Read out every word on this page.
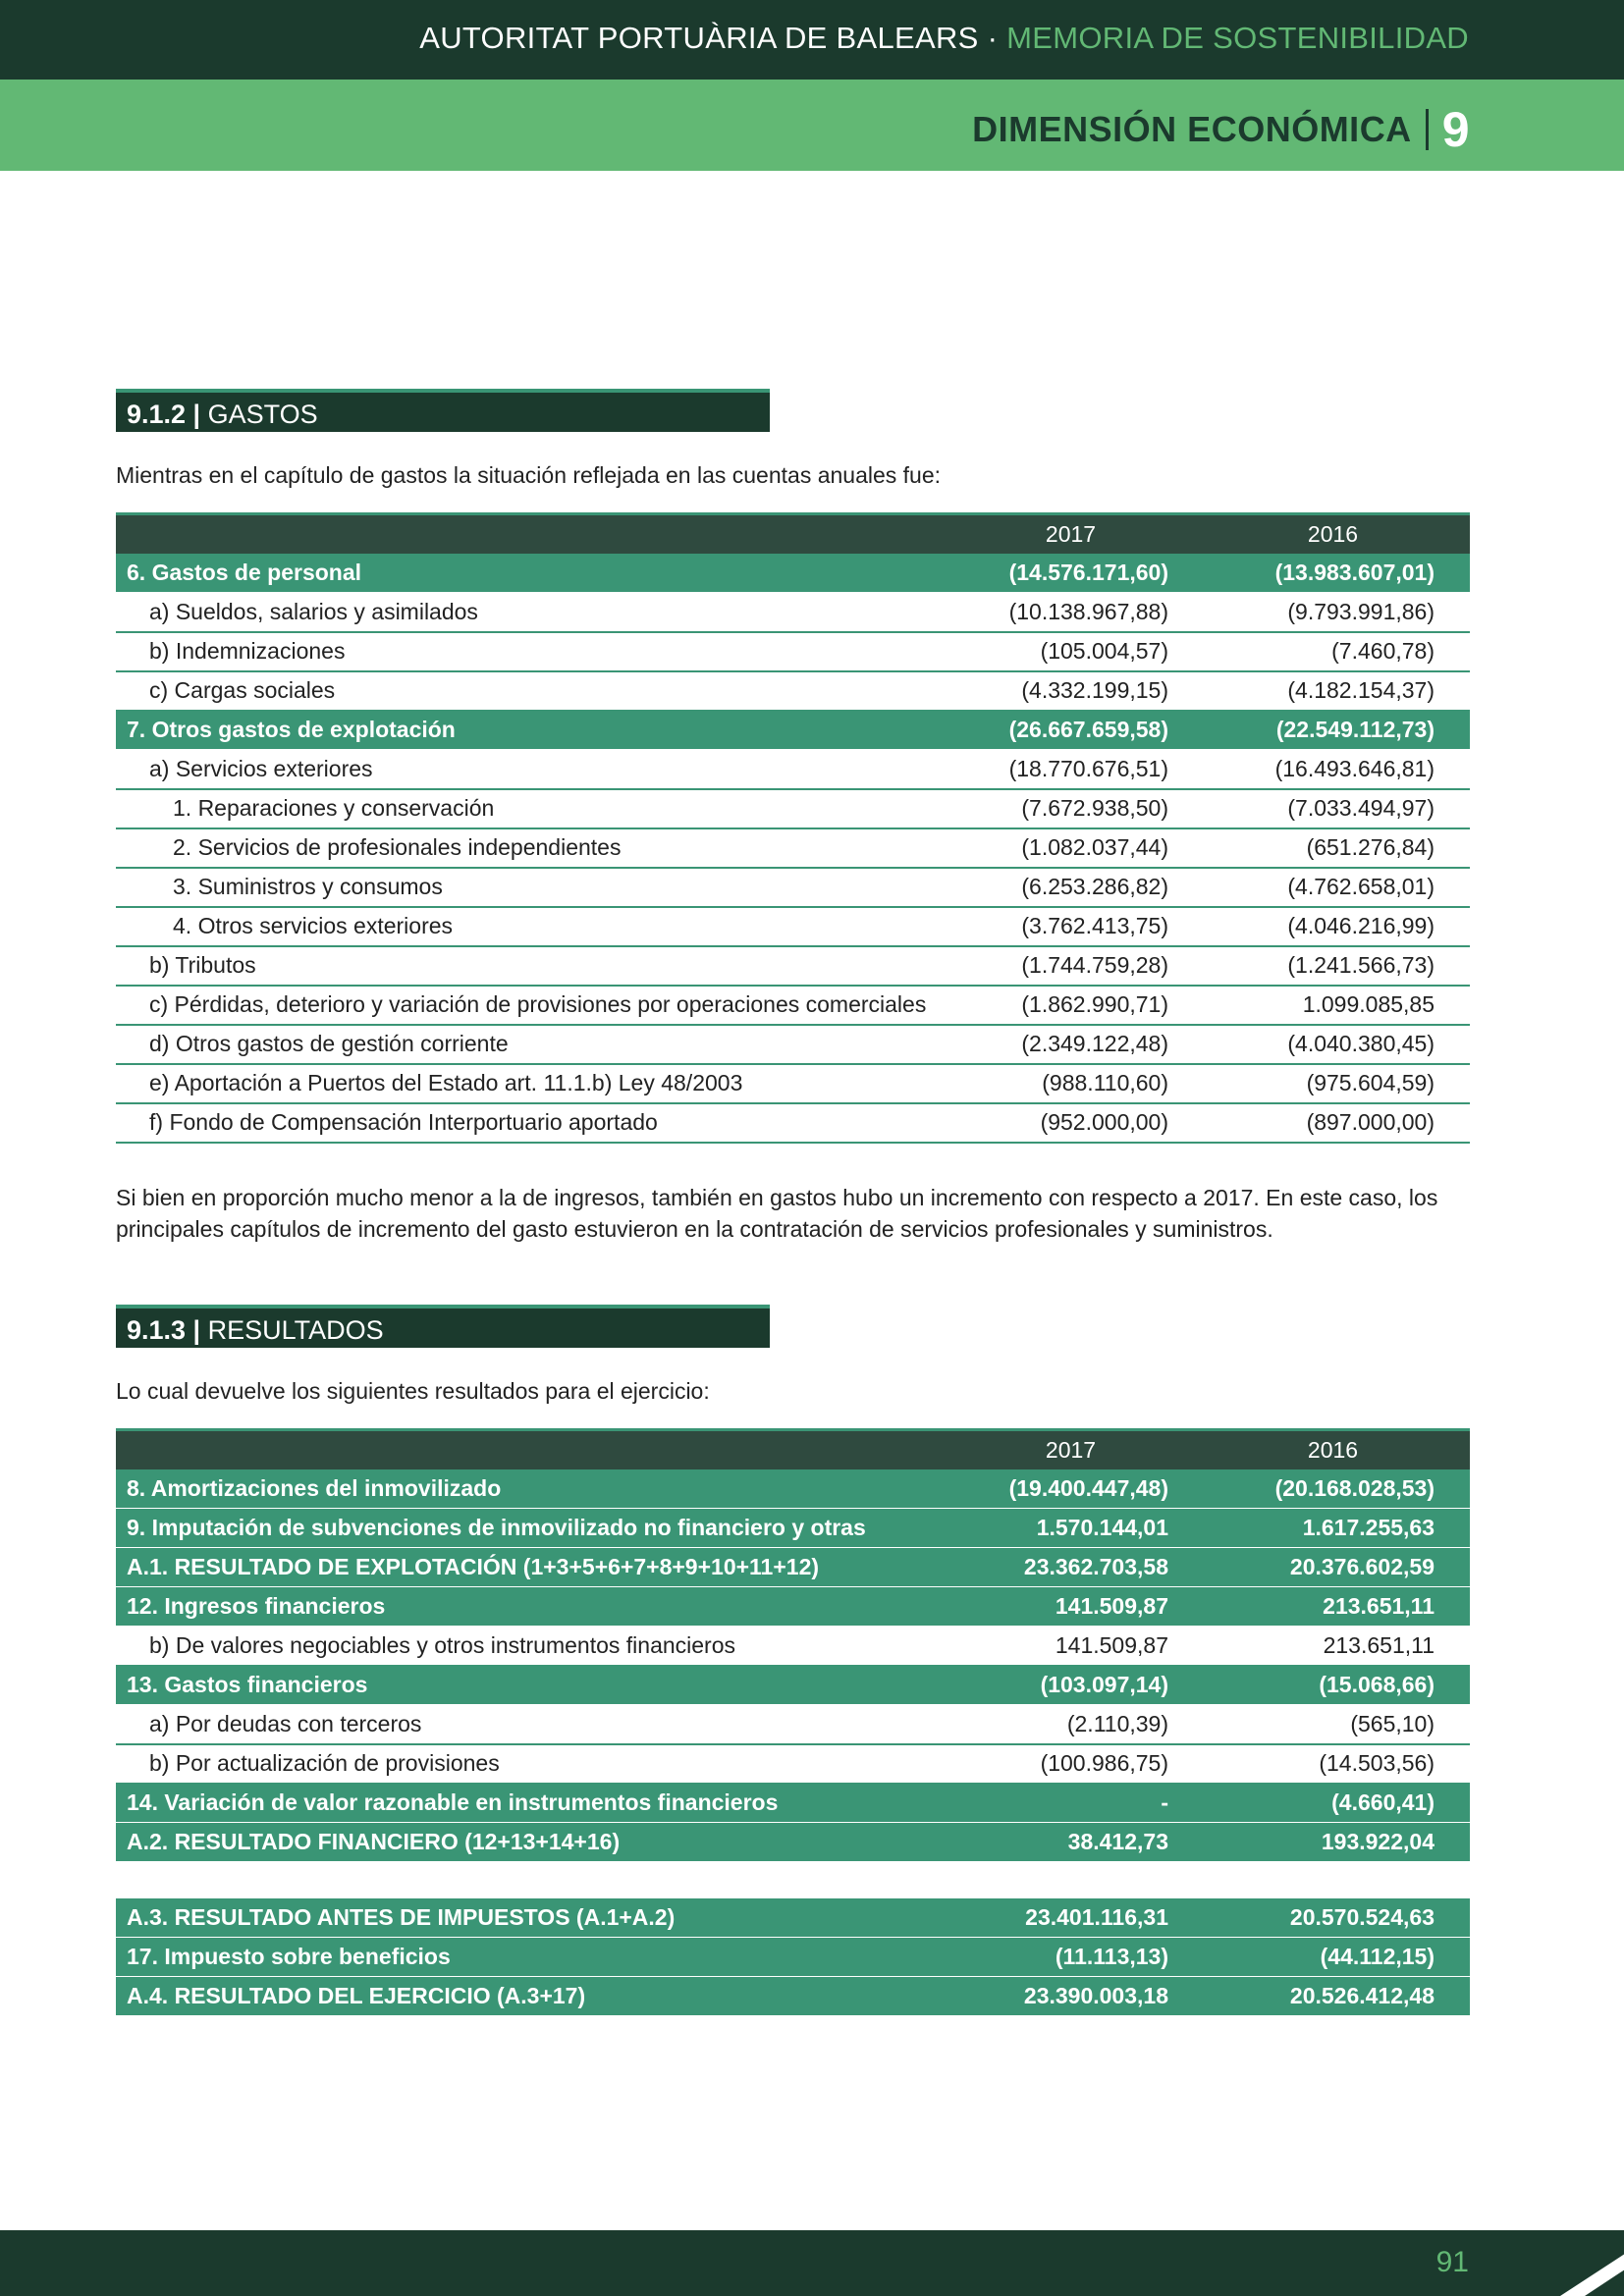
AUTORITAT PORTUÀRIA DE BALEARS · MEMORIA DE SOSTENIBILIDAD
DIMENSIÓN ECONÓMICA 9
9.1.2 | GASTOS
Mientras en el capítulo de gastos la situación reflejada en las cuentas anuales fue:
	2017	2016
6. Gastos de personal	(14.576.171,60)	(13.983.607,01)
a) Sueldos, salarios y asimilados	(10.138.967,88)	(9.793.991,86)
b) Indemnizaciones	(105.004,57)	(7.460,78)
c) Cargas sociales	(4.332.199,15)	(4.182.154,37)
7. Otros gastos de explotación	(26.667.659,58)	(22.549.112,73)
a) Servicios exteriores	(18.770.676,51)	(16.493.646,81)
1. Reparaciones y conservación	(7.672.938,50)	(7.033.494,97)
2. Servicios de profesionales independientes	(1.082.037,44)	(651.276,84)
3. Suministros y consumos	(6.253.286,82)	(4.762.658,01)
4. Otros servicios exteriores	(3.762.413,75)	(4.046.216,99)
b) Tributos	(1.744.759,28)	(1.241.566,73)
c) Pérdidas, deterioro y variación de provisiones por operaciones comerciales	(1.862.990,71)	1.099.085,85
d) Otros gastos de gestión corriente	(2.349.122,48)	(4.040.380,45)
e) Aportación a Puertos del Estado art. 11.1.b) Ley 48/2003	(988.110,60)	(975.604,59)
f) Fondo de Compensación Interportuario aportado	(952.000,00)	(897.000,00)
Si bien en proporción mucho menor a la de ingresos, también en gastos hubo un incremento con respecto a 2017. En este caso, los principales capítulos de incremento del gasto estuvieron en la contratación de servicios profesionales y suministros.
9.1.3 | RESULTADOS
Lo cual devuelve los siguientes resultados para el ejercicio:
	2017	2016
8. Amortizaciones del inmovilizado	(19.400.447,48)	(20.168.028,53)
9. Imputación de subvenciones de inmovilizado no financiero y otras	1.570.144,01	1.617.255,63
A.1. RESULTADO DE EXPLOTACIÓN (1+3+5+6+7+8+9+10+11+12)	23.362.703,58	20.376.602,59
12. Ingresos financieros	141.509,87	213.651,11
b) De valores negociables y otros instrumentos financieros	141.509,87	213.651,11
13. Gastos financieros	(103.097,14)	(15.068,66)
a) Por deudas con terceros	(2.110,39)	(565,10)
b) Por actualización de provisiones	(100.986,75)	(14.503,56)
14. Variación de valor razonable en instrumentos financieros	-	(4.660,41)
A.2. RESULTADO FINANCIERO (12+13+14+16)	38.412,73	193.922,04

A.3. RESULTADO ANTES DE IMPUESTOS (A.1+A.2)	23.401.116,31	20.570.524,63
17. Impuesto sobre beneficios	(11.113,13)	(44.112,15)
A.4. RESULTADO DEL EJERCICIO (A.3+17)	23.390.003,18	20.526.412,48
91
